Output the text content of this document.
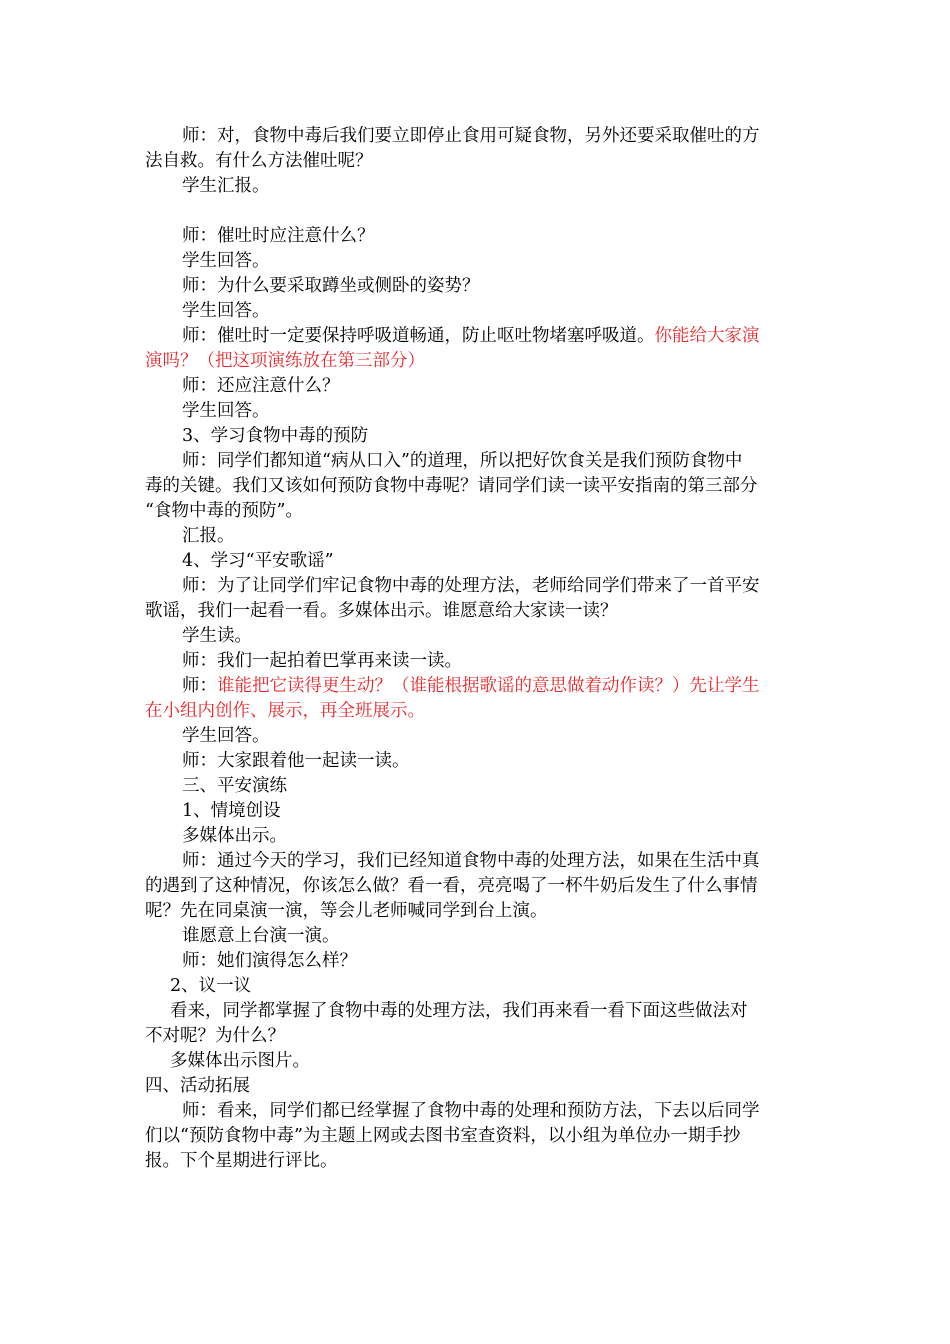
师：对，食物中毒后我们要立即停止食用可疑食物，另外还要采取催吐的方
法自救。有什么方法催吐呢？
学生汇报。
师：催吐时应注意什么？
学生回答。
师：为什么要采取蹲坐或侧卧的姿势？
学生回答。
师：催吐时一定要保持呼吸道畅通，防止呕吐物堵塞呼吸道。你能给大家演
演吗？（把这项演练放在第三部分）
师：还应注意什么？
学生回答。
3、学习食物中毒的预防
师：同学们都知道“病从口入”的道理，所以把好饮食关是我们预防食物中
毒的关键。我们又该如何预防食物中毒呢？请同学们读一读平安指南的第三部分
“食物中毒的预防”。
汇报。
4、学习“平安歌谣”
师：为了让同学们牢记食物中毒的处理方法，老师给同学们带来了一首平安
歌谣，我们一起看一看。多媒体出示。谁愿意给大家读一读？
学生读。
师：我们一起拍着巴掌再来读一读。
师：谁能把它读得更生动？（谁能根据歌谣的意思做着动作读？）先让学生
在小组内创作、展示，再全班展示。
学生回答。
师：大家跟着他一起读一读。
三、平安演练
1、情境创设
多媒体出示。
师：通过今天的学习，我们已经知道食物中毒的处理方法，如果在生活中真
的遇到了这种情况，你该怎么做？看一看，亮亮喝了一杯牛奶后发生了什么事情
呢？先在同桌演一演，等会儿老师喊同学到台上演。
谁愿意上台演一演。
师：她们演得怎么样？
2、议一议
看来，同学都掌握了食物中毒的处理方法，我们再来看一看下面这些做法对
不对呢？为什么？
多媒体出示图片。
四、活动拓展
师：看来，同学们都已经掌握了食物中毒的处理和预防方法，下去以后同学
们以“预防食物中毒”为主题上网或去图书室查资料，以小组为单位办一期手抄
报。下个星期进行评比。
